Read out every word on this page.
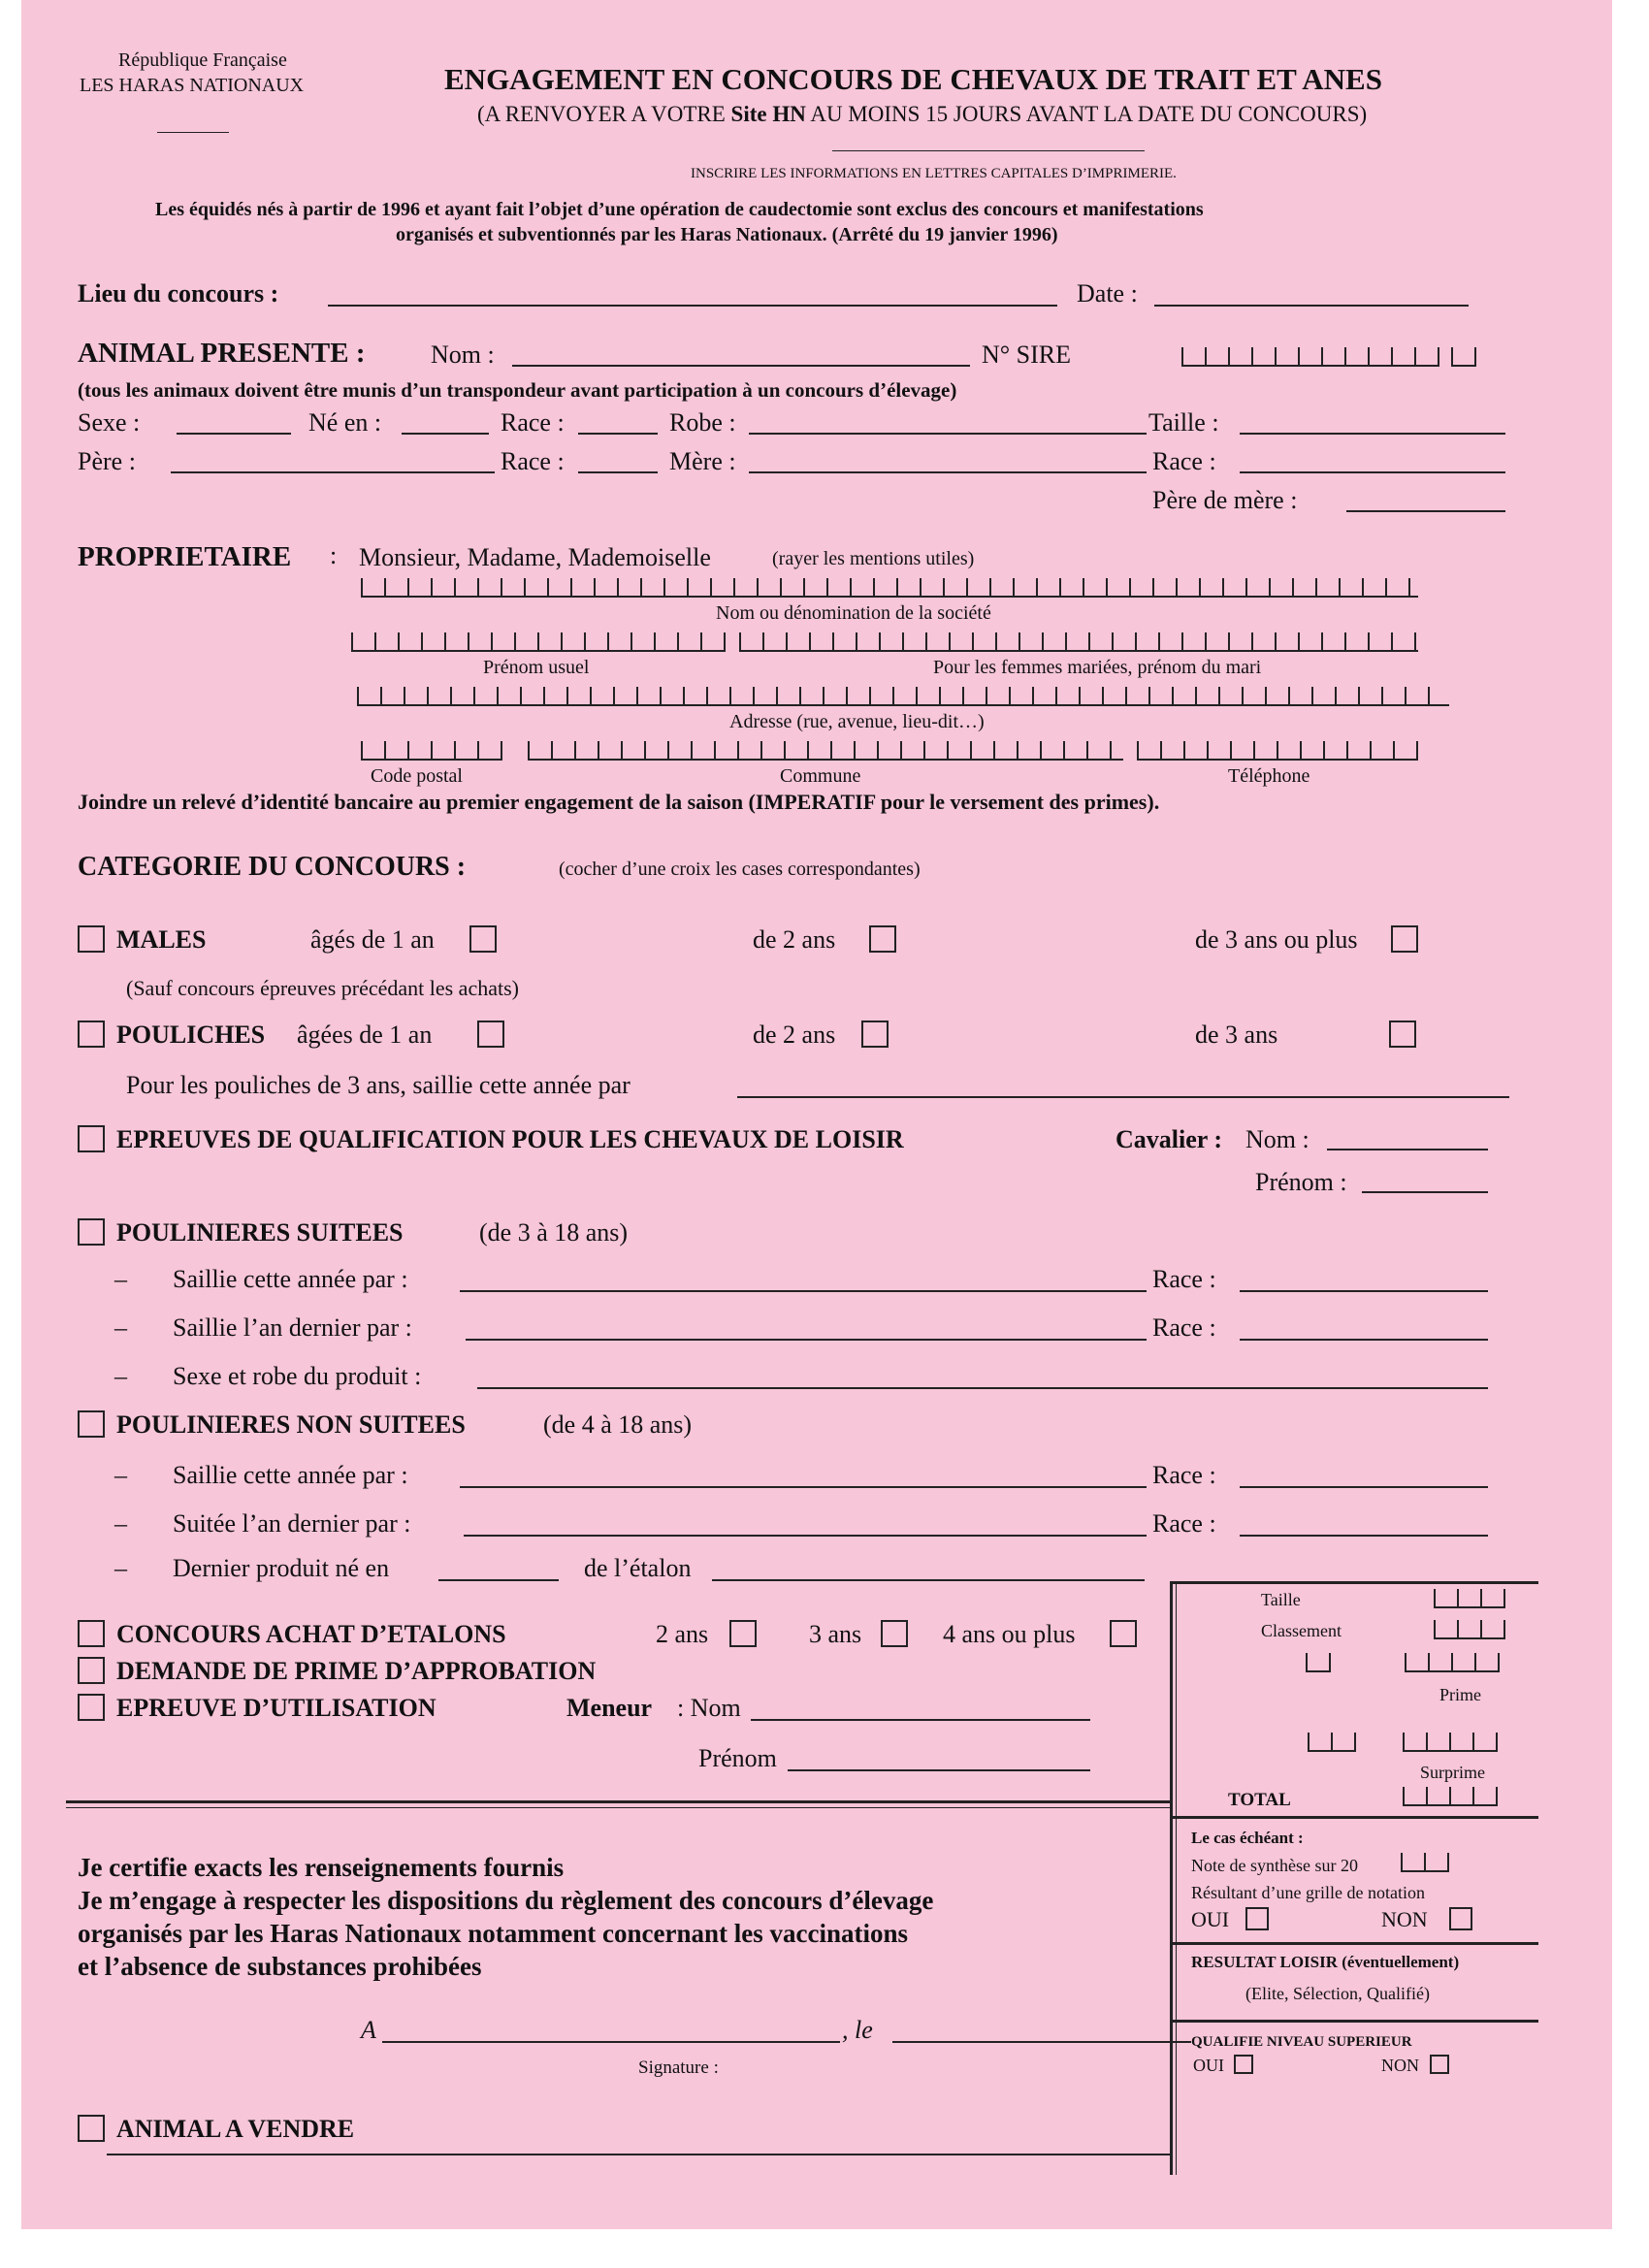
République Française
LES HARAS NATIONAUX	ENGAGEMENT EN CONCOURS DE CHEVAUX DE TRAIT ET ANES
(A RENVOYER A VOTRE Site HN AU MOINS 15 JOURS AVANT LA DATE DU CONCOURS)
INSCRIRE LES INFORMATIONS EN LETTRES CAPITALES D’IMPRIMERIE.
Les équidés nés à partir de 1996 et ayant fait l’objet d’une opération de caudectomie sont exclus des concours et manifestations
organisés et subventionnés par les Haras Nationaux. (Arrêté du 19 janvier 1996)
Lieu du concours :	Date :
ANIMAL PRESENTE :	Nom :	N° SIRE
(tous les animaux doivent être munis d’un transpondeur avant participation à un concours d’élevage)
Sexe :	Né en :	Race :	Robe :	Taille :
Père :	Race :	Mère :	Race :
Père de mère :
PROPRIETAIRE : Monsieur, Madame, Mademoiselle	(rayer les mentions utiles)
Nom ou dénomination de la société
Prénom usuel	Pour les femmes mariées, prénom du mari
Adresse (rue, avenue, lieu-dit…)
Code postal	Commune	Téléphone
Joindre un relevé d’identité bancaire au premier engagement de la saison (IMPERATIF pour le versement des primes).
CATEGORIE DU CONCOURS :	(cocher d’une croix les cases correspondantes)
MALES	âgés de 1 an	de 2 ans	de 3 ans ou plus
(Sauf concours épreuves précédant les achats)
POULICHES âgées de 1 an	de 2 ans	de 3 ans
Pour les pouliches de 3 ans, saillie cette année par
EPREUVES DE QUALIFICATION POUR LES CHEVAUX DE LOISIR	Cavalier : Nom :
Prénom :
POULINIERES SUITEES	(de 3 à 18 ans)
– Saillie cette année par :	Race :
– Saillie l’an dernier par :	Race :
– Sexe et robe du produit :
POULINIERES NON SUITEES	(de 4 à 18 ans)
– Saillie cette année par :	Race :
– Suitée l’an dernier par :	Race :
– Dernier produit né en	de l’étalon
CONCOURS ACHAT D’ETALONS	2 ans	3 ans	4 ans ou plus
DEMANDE DE PRIME D’APPROBATION
EPREUVE D’UTILISATION	Meneur : Nom
Prénom
Taille
Classement
Prime
Surprime
TOTAL
Le cas échéant :
Note de synthèse sur 20
Résultant d’une grille de notation
OUI	NON
RESULTAT LOISIR (éventuellement)
(Elite, Sélection, Qualifié)
QUALIFIE NIVEAU SUPERIEUR
OUI	NON
Je certifie exacts les renseignements fournis
Je m’engage à respecter les dispositions du règlement des concours d’élevage
organisés par les Haras Nationaux notamment concernant les vaccinations
et l’absence de substances prohibées
A	, le
Signature :
ANIMAL A VENDRE
